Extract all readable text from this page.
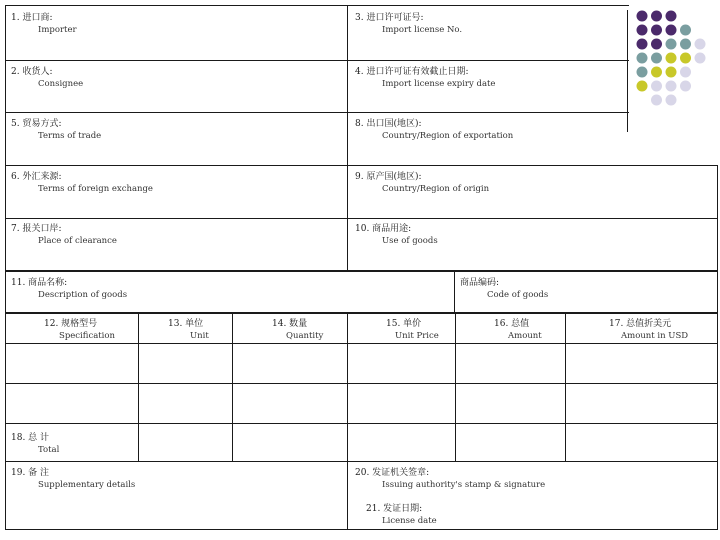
1. 进口商:
Importer
3. 进口许可证号:
Import license No.
2. 收货人:
Consignee
4. 进口许可证有效截止日期:
Import license expiry date
5. 贸易方式:
Terms of trade
8. 出口国(地区):
Country/Region of exportation
6. 外汇来源:
Terms of foreign exchange
9. 原产国(地区):
Country/Region of origin
7. 报关口岸:
Place of clearance
10. 商品用途:
Use of goods
11. 商品名称:
Description of goods
商品编码:
Code of goods
12. 规格型号
Specification
13. 单位
Unit
14. 数量
Quantity
15. 单价
Unit Price
16. 总值
Amount
17. 总值折美元
Amount in USD
18. 总 计
Total
19. 备 注
Supplementary details
20. 发证机关签章:
Issuing authority's stamp & signature
21. 发证日期:
License date
